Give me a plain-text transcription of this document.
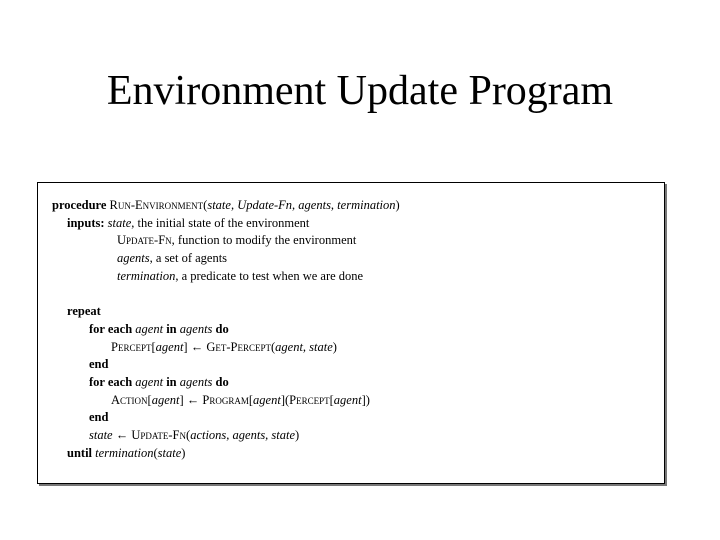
Environment Update Program
procedure Run-Environment(state, Update-Fn, agents, termination)
inputs: state, the initial state of the environment
Update-Fn, function to modify the environment
agents, a set of agents
termination, a predicate to test when we are done
repeat
for each agent in agents do
Percept[agent] ← Get-Percept(agent, state)
end
for each agent in agents do
Action[agent] ← Program[agent](Percept[agent])
end
state ← Update-Fn(actions, agents, state)
until termination(state)
